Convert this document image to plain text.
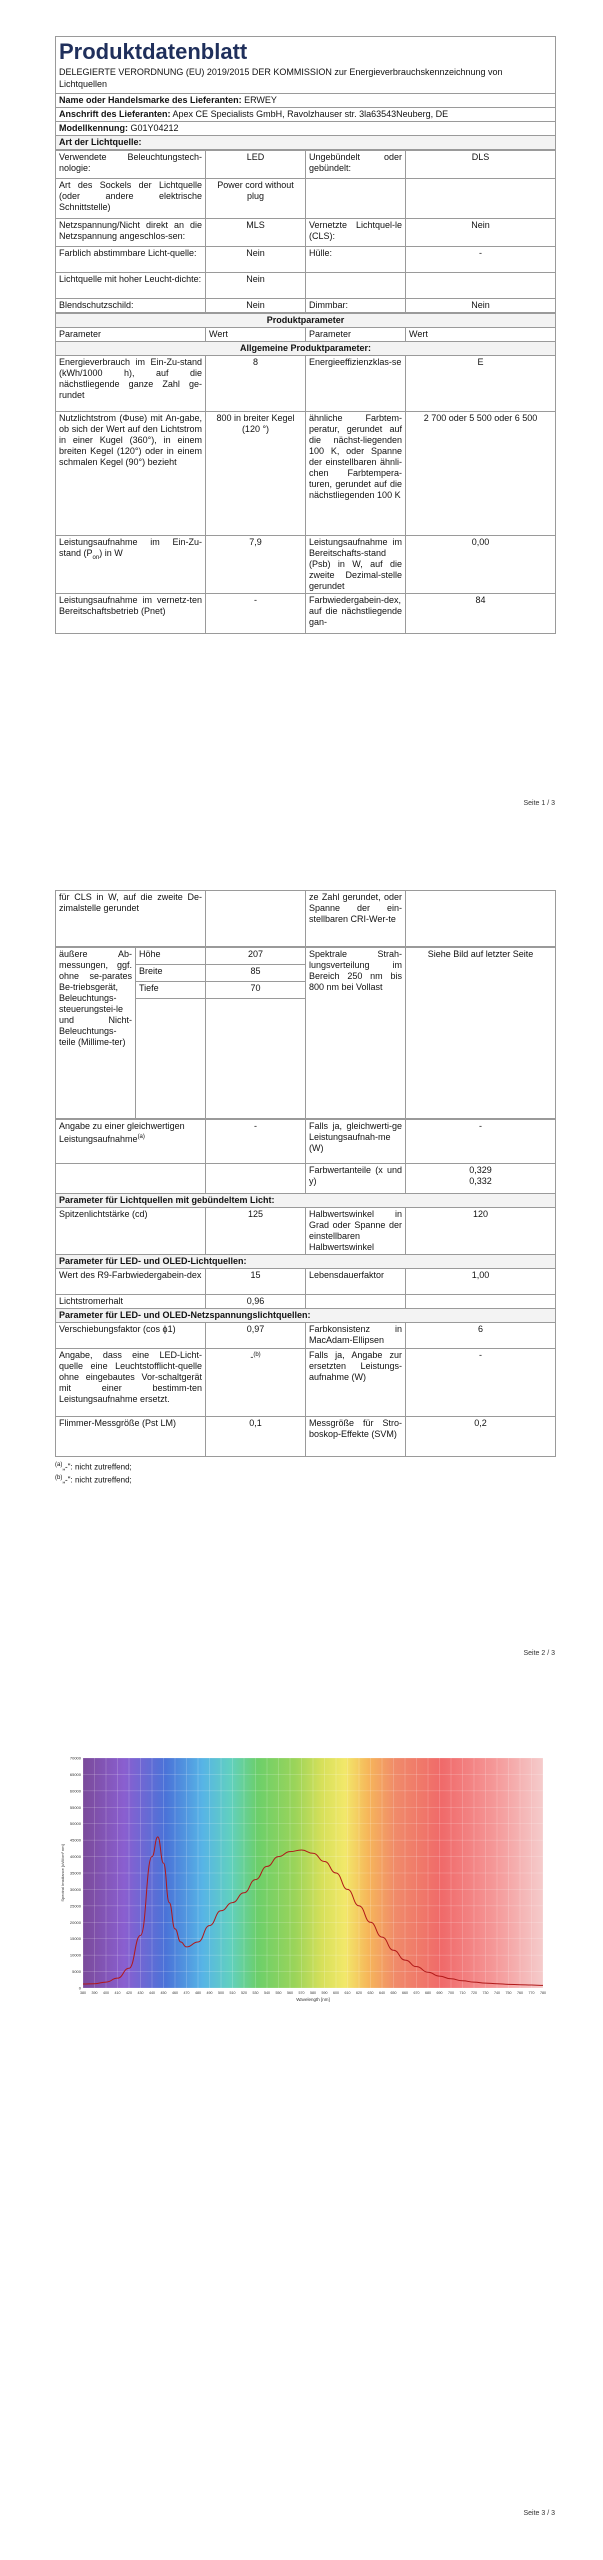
Produktdatenblatt
DELEGIERTE VERORDNUNG (EU) 2019/2015 DER KOMMISSION zur Energieverbrauchskennzeichnung von Lichtquellen

Name oder Handelsmarke des Lieferanten: ERWEY
Anschrift des Lieferanten: Apex CE Specialists GmbH, Ravolzhauser str. 3la63543Neuberg, DE
Modellkennung: G01Y04212
Art der Lichtquelle:
Verwendete Beleuchtungstech-nologie:	LED	Ungebündelt oder gebündelt:	DLS
Art des Sockels der Lichtquelle (oder andere elektrische Schnittstelle)	Power cord without plug		
Netzspannung/Nicht direkt an die Netzspannung angeschlos-sen:	MLS	Vernetzte Lichtquel-le (CLS):	Nein
Farblich abstimmbare Licht-quelle:	Nein	Hülle:	-
Lichtquelle mit hoher Leucht-dichte:	Nein		
Blendschutzschild:	Nein	Dimmbar:	Nein
Produktparameter			
Parameter	Wert	Parameter	Wert
Allgemeine Produktparameter:			
Energieverbrauch im Ein-Zu-stand (kWh/1000 h), auf die nächstliegende ganze Zahl ge-rundet	8	Energieeffizienzklas-se	E
Nutzlichtstrom (Φuse) mit An-gabe, ob sich der Wert auf den Lichtstrom in einer Kugel (360°), in einem breiten Kegel (120°) oder in einem schmalen Kegel (90°) bezieht	800 in breiter Kegel (120 °)	ähnliche Farbtem-peratur, gerundet auf die nächst-liegenden 100 K, oder Spanne der einstellbaren ähnli-chen Farbtempera-turen, gerundet auf die nächstliegenden 100 K	2 700 oder 5 500 oder 6 500
Leistungsaufnahme im Ein-Zu-stand $(P_{on})$ in W	7,9	Leistungsaufnahme im Bereitschafts-stand (Psb) in W, auf die zweite Dezimal-stelle gerundet	0,00
Leistungsaufnahme im vernetz-ten Bereitschaftsbetrieb (Pnet)	-	Farbwiedergabein-dex, auf die nächstliegende gan-	84
Seite 1 / 3
für CLS in W, auf die zweite De-zimalstelle gerundet		ze Zahl gerundet, oder Spanne der ein-stellbaren CRI-Wer-te	
äußere Ab-messungen, ggf. ohne se-parates Be-triebsgerät, Beleuchtungs-steuerungstei-le und Nicht-Beleuchtungs-teile (Millime-ter)	Höhe	207	Spektrale Strah-lungsverteilung im Bereich 250 nm bis 800 nm bei Vollast	Siehe Bild auf letzter Seite
	Breite	85		
	Tiefe	70		

Angabe zu einer gleichwertigen Leistungsaufnahme$^{(a)}$	-	Falls ja, gleichwerti-ge Leistungsaufnah-me (W)	-
		Farbwertanteile (x und y)	0,329
0,332

Parameter für Lichtquellen mit gebündeltem Licht:			
Spitzenlichtstärke (cd)	125	Halbwertswinkel in Grad oder Spanne der einstellbaren Halbwertswinkel	120
Parameter für LED- und OLED-Lichtquellen:			
Wert des R9-Farbwiedergabein-dex	15	Lebensdauerfaktor	1,00
Lichtstromerhalt	0,96		
Parameter für LED- und OLED-Netzspannungslichtquellen:			
Verschiebungsfaktor (cos ϕ1)	0,97	Farbkonsistenz in MacAdam-Ellipsen	6
Angabe, dass eine LED-Licht-quelle eine Leuchtstofflicht-quelle ohne eingebautes Vor-schaltgerät mit einer bestimm-ten Leistungsaufnahme ersetzt.	-$^{(b)}$	Falls ja, Angabe zur ersetzten Leistungs-aufnahme (W)	-
Flimmer-Messgröße (Pst LM)	0,1	Messgröße für Stro-boskop-Effekte (SVM)	0,2
$^{(a)}$„-": nicht zutreffend;
$^{(b)}$„-": nicht zutreffend;
Seite 2 / 3
0
5000
10000
15000
20000
25000
30000
35000
40000
45000
50000
55000
60000
65000
70000
380 390 400 410 420 430 440 450 460 470 480 490 500 510 520 530 540 550 560 570 580 590 600 610 620 630 640 650 660 670 680 690 700 710 720 730 740 750 760 770 780
Spectral Irradiance [uW/cm² nm]
Wavelength [nm]
Seite 3 / 3
